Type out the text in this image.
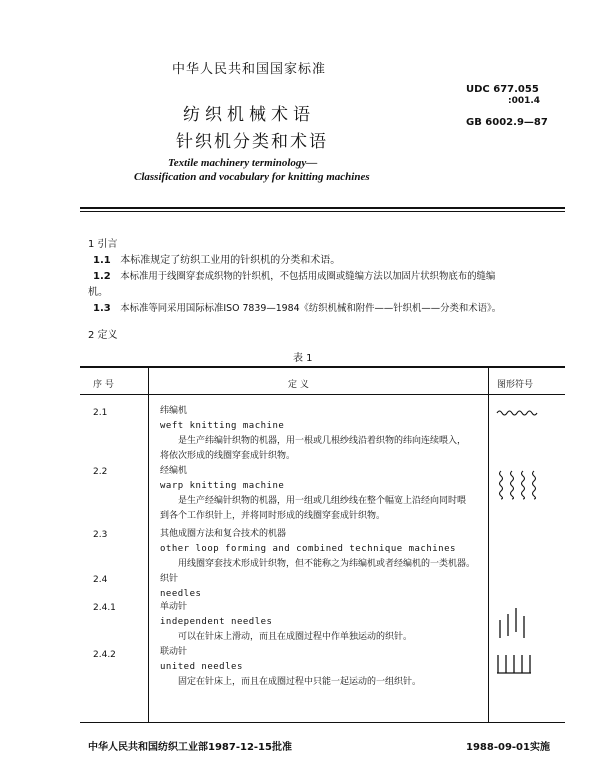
中华人民共和国国家标准
UDC 677.055
:001.4
GB 6002.9—87
纺织机械术语
针织机分类和术语
Textile machinery terminology—
Classification and vocabulary for knitting machines
1 引言
1.1 本标准规定了纺织工业用的针织机的分类和术语。
1.2 本标准用于线圈穿套成织物的针织机，不包括用成圈或缝编方法以加固片状织物底布的缝编
机。
1.3 本标准等同采用国际标准ISO 7839—1984《纺织机械和附件——针织机——分类和术语》。
2 定义
表 1
序 号	定 义	图形符号
2.1	纬编机
weft knitting machine
是生产纬编针织物的机器，用一根或几根纱线沿着织物的纬向连续喂入，
将依次形成的线圈穿套成针织物。
2.2	经编机
warp knitting machine
是生产经编针织物的机器，用一组或几组纱线在整个幅宽上沿经向同时喂
到各个工作织针上，并将同时形成的线圈穿套成针织物。
2.3	其他成圈方法和复合技术的机器
other loop forming and combined technique machines
用线圈穿套技术形成针织物，但不能称之为纬编机或者经编机的一类机器。
2.4	织针
needles
2.4.1	单动针
independent needles
可以在针床上滑动，而且在成圈过程中作单独运动的织针。
2.4.2	联动针
united needles
固定在针床上，而且在成圈过程中只能一起运动的一组织针。
中华人民共和国纺织工业部1987-12-15批准	1988-09-01实施
